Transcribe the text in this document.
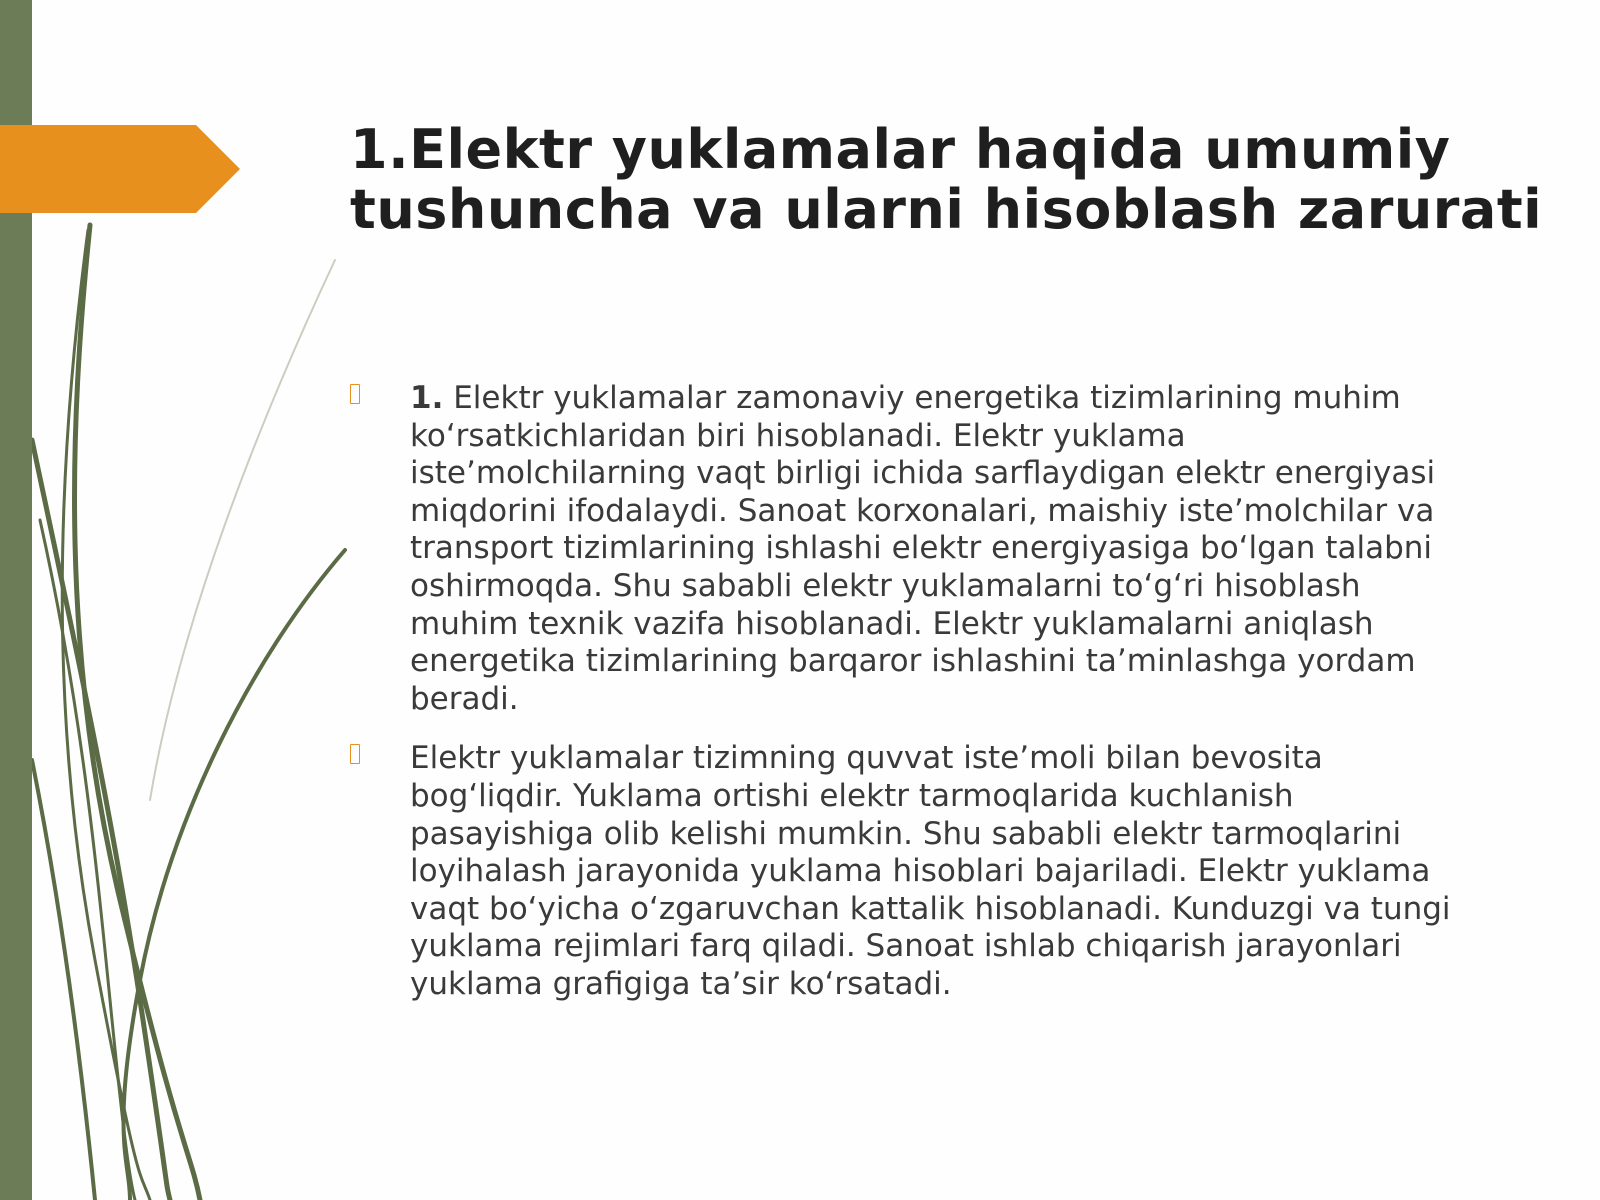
1.Elektr yuklamalar haqida umumiy tushuncha va ularni hisoblash zarurati

1. Elektr yuklamalar zamonaviy energetika tizimlarining muhim ko‘rsatkichlaridan biri hisoblanadi. Elektr yuklama iste’molchilarning vaqt birligi ichida sarflaydigan elektr energiyasi miqdorini ifodalaydi. Sanoat korxonalari, maishiy iste’molchilar va transport tizimlarining ishlashi elektr energiyasiga bo‘lgan talabni oshirmoqda. Shu sababli elektr yuklamalarni to‘g‘ri hisoblash muhim texnik vazifa hisoblanadi. Elektr yuklamalarni aniqlash energetika tizimlarining barqaror ishlashini ta’minlashga yordam beradi.

Elektr yuklamalar tizimning quvvat iste’moli bilan bevosita bog‘liqdir. Yuklama ortishi elektr tarmoqlarida kuchlanish pasayishiga olib kelishi mumkin. Shu sababli elektr tarmoqlarini loyihalash jarayonida yuklama hisoblari bajariladi. Elektr yuklama vaqt bo‘yicha o‘zgaruvchan kattalik hisoblanadi. Kunduzgi va tungi yuklama rejimlari farq qiladi. Sanoat ishlab chiqarish jarayonlari yuklama grafigiga ta’sir ko‘rsatadi.
